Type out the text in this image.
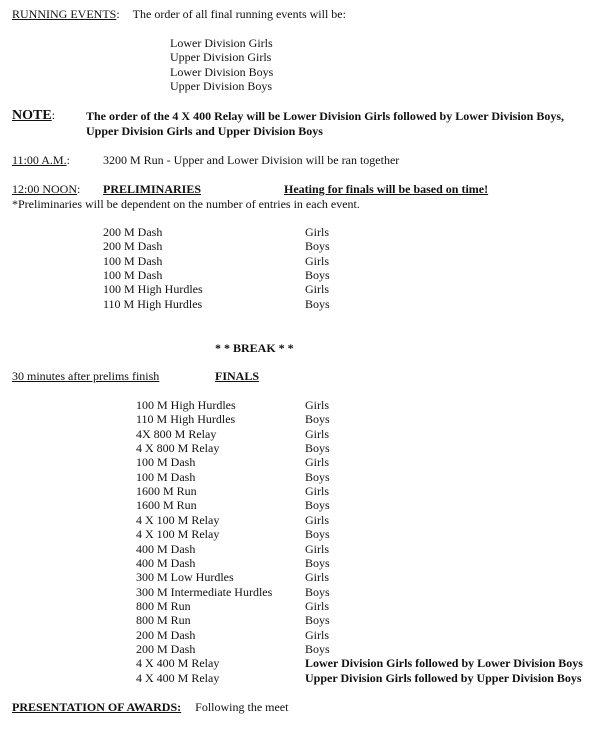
RUNNING EVENTS: The order of all final running events will be:
Lower Division Girls
Upper Division Girls
Lower Division Boys
Upper Division Boys
NOTE:	The order of the 4 X 400 Relay will be Lower Division Girls followed by Lower Division Boys,
Upper Division Girls and Upper Division Boys
11:00 A.M.:	3200 M Run - Upper and Lower Division will be ran together
12:00 NOON: PRELIMINARIES	Heating for finals will be based on time!
*Preliminaries will be dependent on the number of entries in each event.
200 M Dash	Girls
200 M Dash	Boys
100 M Dash	Girls
100 M Dash	Boys
100 M High Hurdles	Girls
110 M High Hurdles	Boys
* * BREAK * *
30 minutes after prelims finish	FINALS
100 M High Hurdles	Girls
110 M High Hurdles	Boys
4X 800 M Relay	Girls
4 X 800 M Relay	Boys
100 M Dash	Girls
100 M Dash	Boys
1600 M Run	Girls
1600 M Run	Boys
4 X 100 M Relay	Girls
4 X 100 M Relay	Boys
400 M Dash	Girls
400 M Dash	Boys
300 M Low Hurdles	Girls
300 M Intermediate Hurdles	Boys
800 M Run	Girls
800 M Run	Boys
200 M Dash	Girls
200 M Dash	Boys
4 X 400 M Relay	Lower Division Girls followed by Lower Division Boys
4 X 400 M Relay	Upper Division Girls followed by Upper Division Boys
PRESENTATION OF AWARDS: Following the meet
